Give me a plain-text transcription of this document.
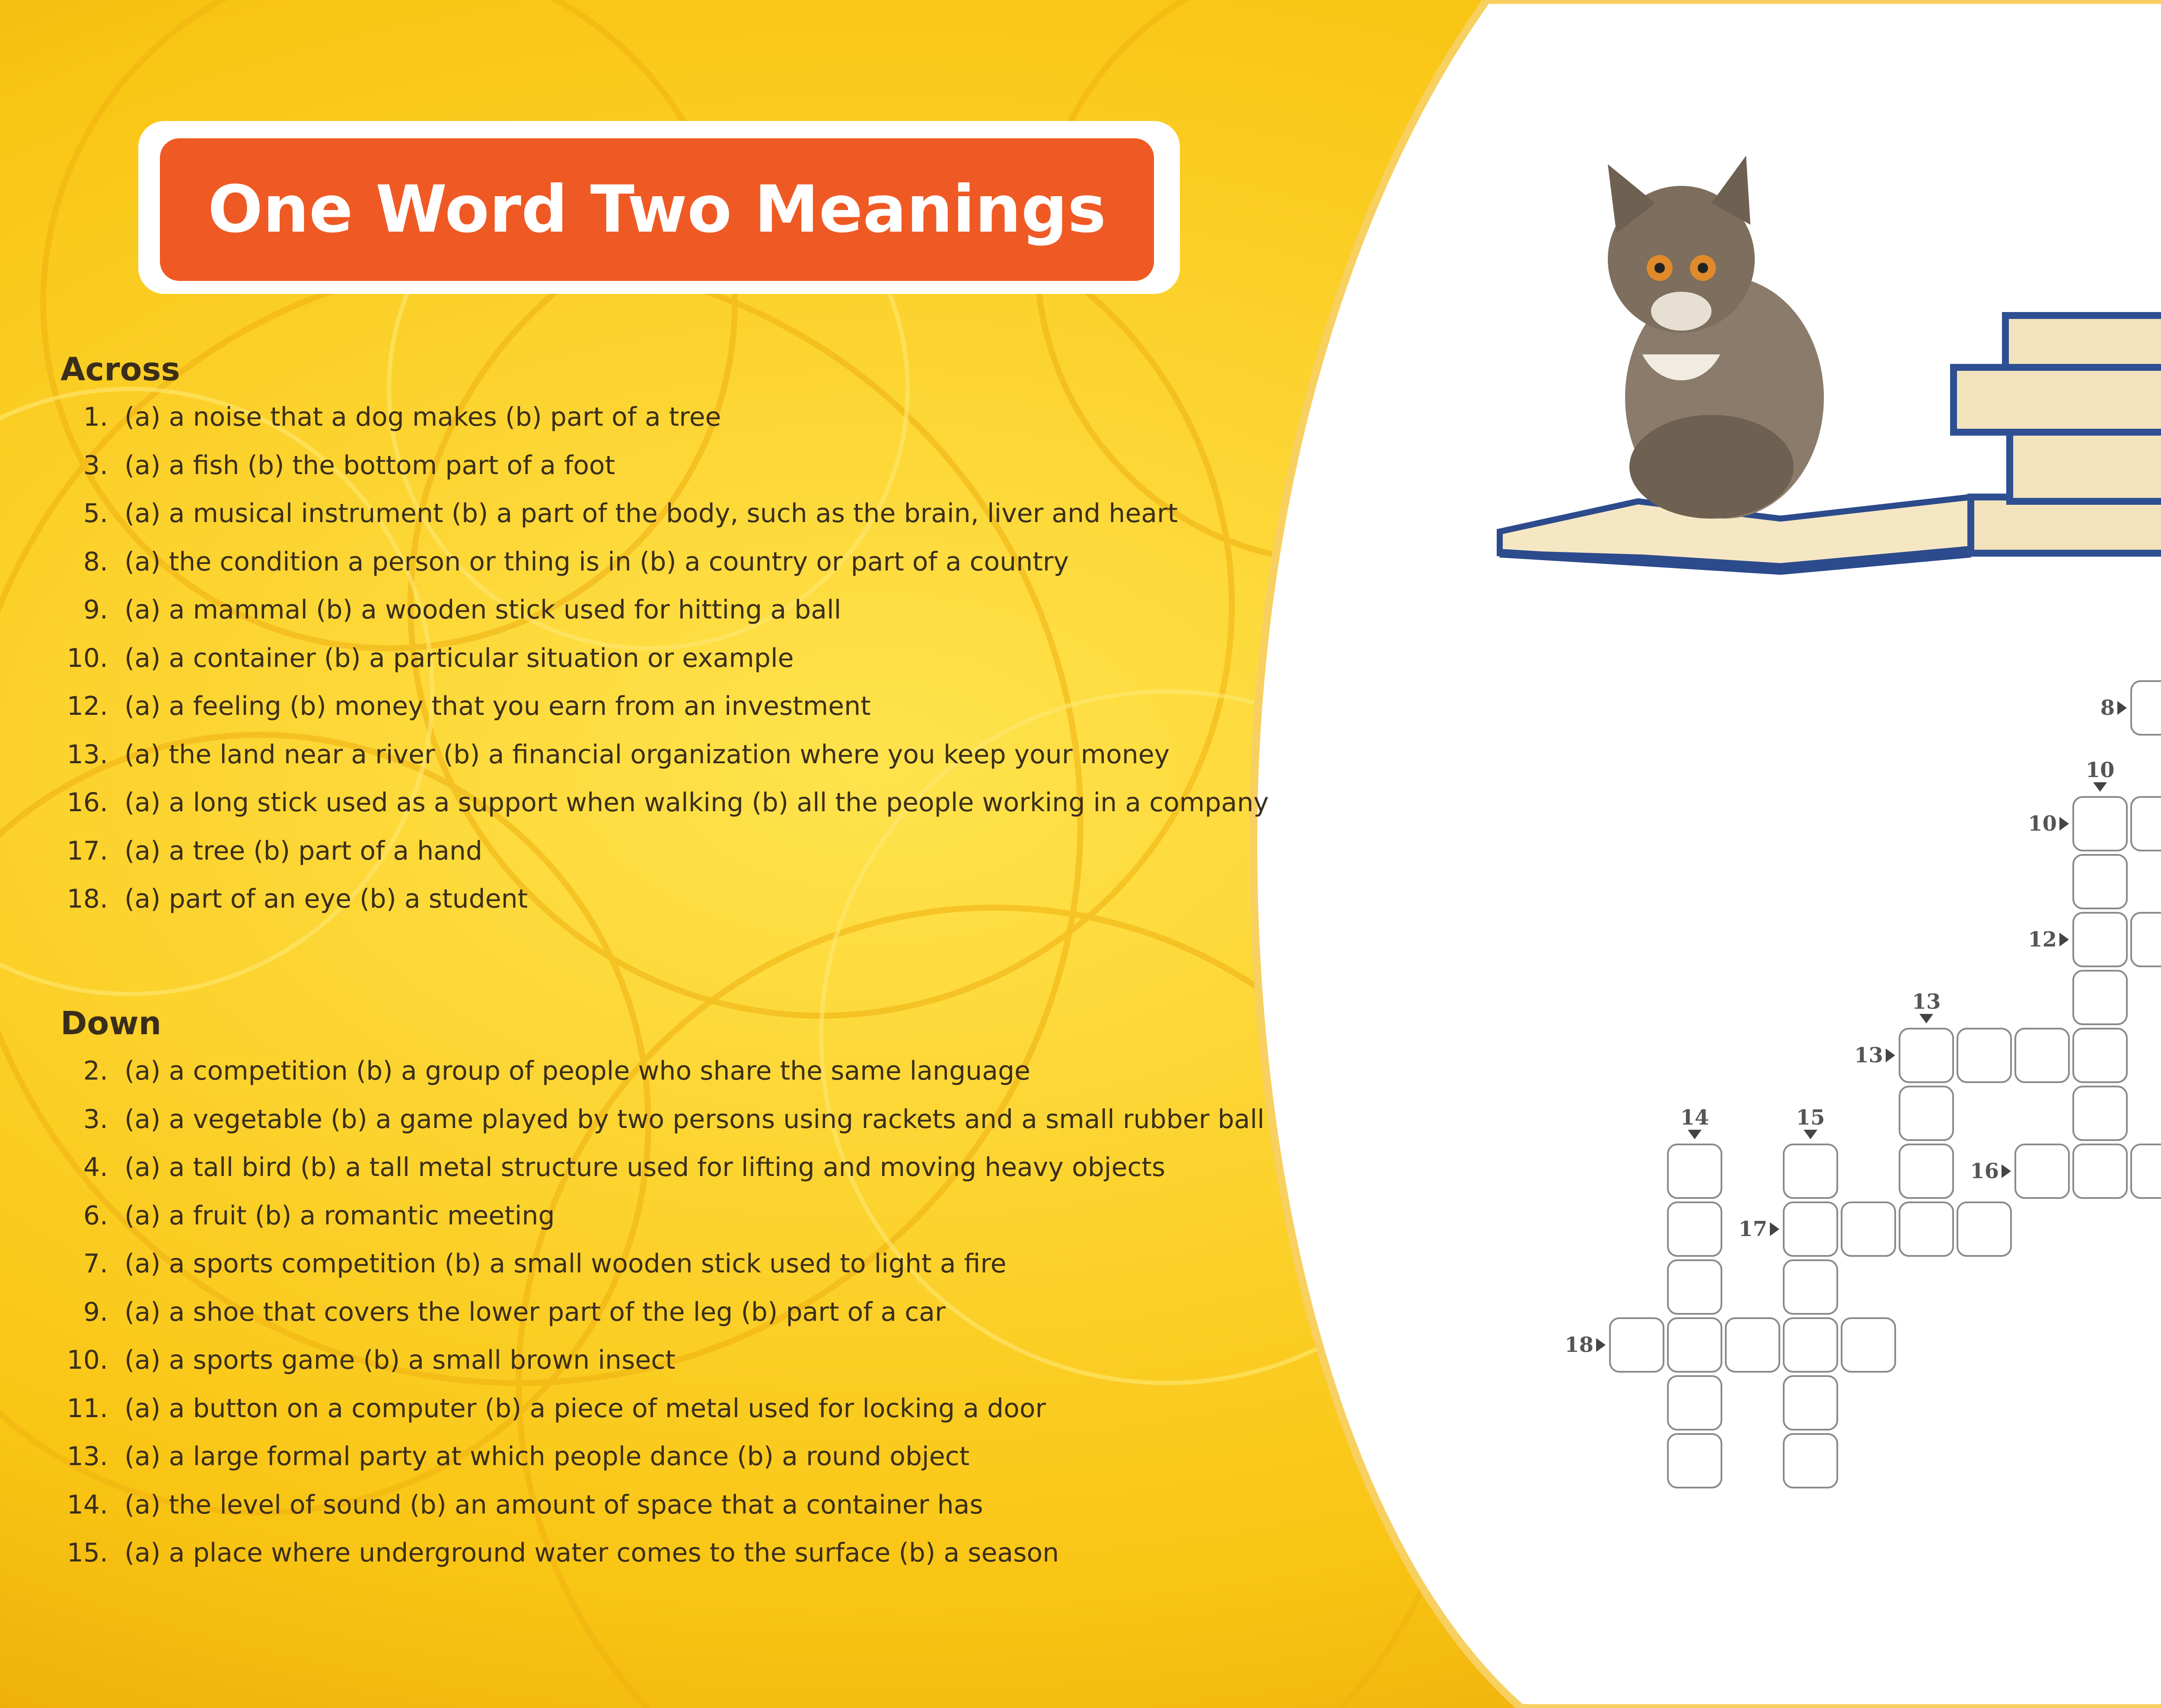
One Word Two Meanings
Across
1. (a) a noise that a dog makes (b) part of a tree
3. (a) a fish (b) the bottom part of a foot
5. (a) a musical instrument (b) a part of the body, such as the brain, liver and heart
8. (a) the condition a person or thing is in (b) a country or part of a country
9. (a) a mammal (b) a wooden stick used for hitting a ball
10. (a) a container (b) a particular situation or example
12. (a) a feeling (b) money that you earn from an investment
13. (a) the land near a river (b) a financial organization where you keep your money
16. (a) a long stick used as a support when walking (b) all the people working in a company
17. (a) a tree (b) part of a hand
18. (a) part of an eye (b) a student
Down
2. (a) a competition (b) a group of people who share the same language
3. (a) a vegetable (b) a game played by two persons using rackets and a small rubber ball
4. (a) a tall bird (b) a tall metal structure used for lifting and moving heavy objects
6. (a) a fruit (b) a romantic meeting
7. (a) a sports competition (b) a small wooden stick used to light a fire
9. (a) a shoe that covers the lower part of the leg (b) part of a car
10. (a) a sports game (b) a small brown insect
11. (a) a button on a computer (b) a piece of metal used for locking a door
13. (a) a large formal party at which people dance (b) a round object
14. (a) the level of sound (b) an amount of space that a container has
15. (a) a place where underground water comes to the surface (b) a season
8
10
12
13
16
17
18
10
13
14	15
